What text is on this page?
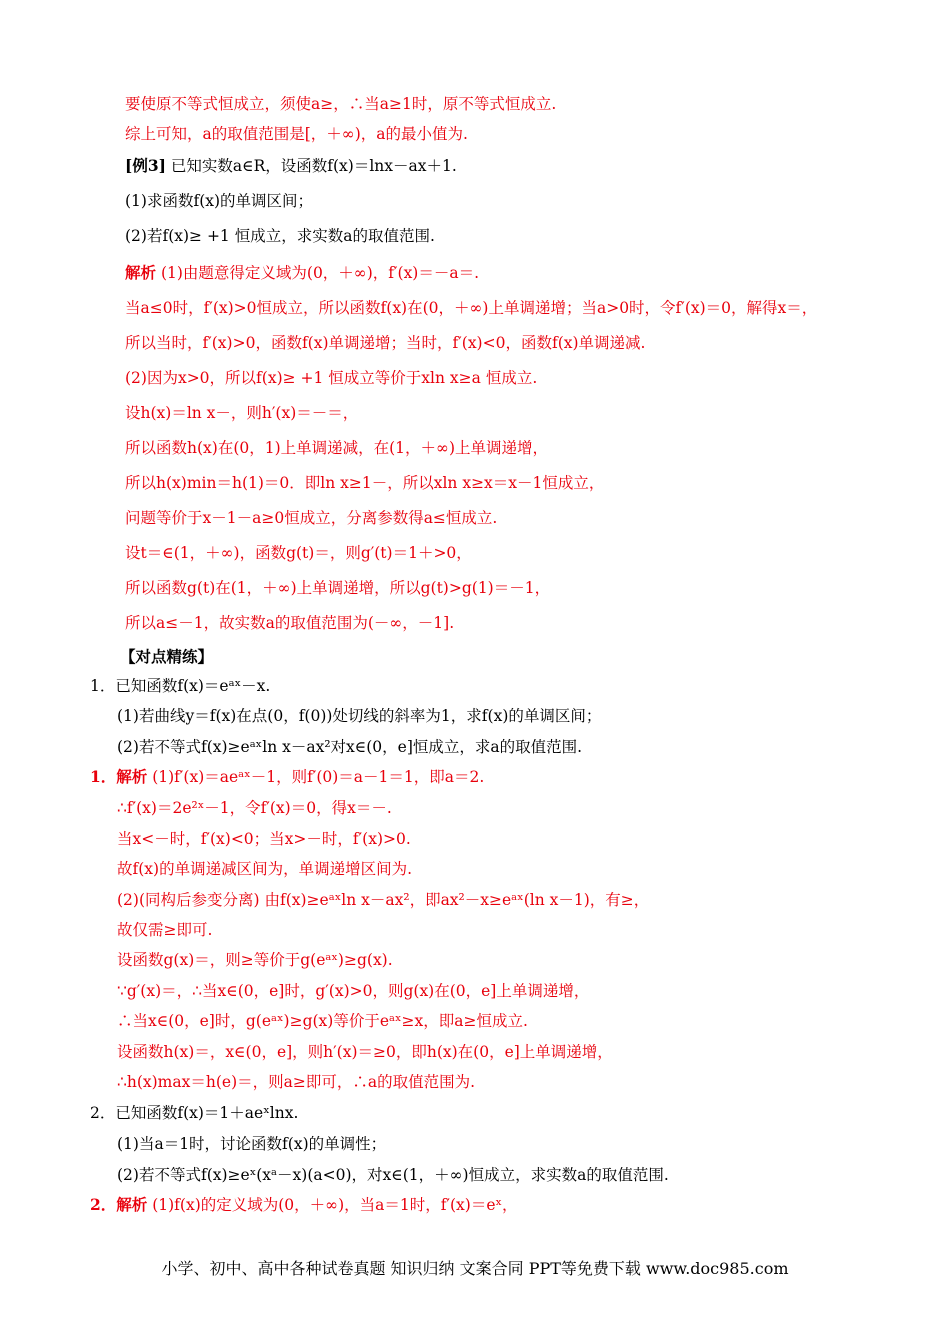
要使原不等式恒成立，须使a≥，∴当a≥1时，原不等式恒成立.
综上可知，a的取值范围是[，＋∞)，a的最小值为.
[例3] 已知实数a∈R，设函数f(x)＝lnx－ax＋1.
(1)求函数f(x)的单调区间；
(2)若f(x)≥ +1 恒成立，求实数a的取值范围.
解析 (1)由题意得定义域为(0，＋∞)，f′(x)＝－a＝.
当a≤0时，f′(x)>0恒成立，所以函数f(x)在(0，＋∞)上单调递增；当a>0时，令f′(x)＝0，解得x＝，
所以当时，f′(x)>0，函数f(x)单调递增；当时，f′(x)<0，函数f(x)单调递减.
(2)因为x>0，所以f(x)≥ +1 恒成立等价于xln x≥a 恒成立.
设h(x)＝ln x－，则h′(x)＝－＝，
所以函数h(x)在(0，1)上单调递减，在(1，＋∞)上单调递增，
所以h(x)min＝h(1)＝0．即ln x≥1－，所以xln x≥x＝x－1恒成立，
问题等价于x－1－a≥0恒成立，分离参数得a≤恒成立.
设t＝∈(1，＋∞)，函数g(t)＝，则g′(t)＝1＋>0，
所以函数g(t)在(1，＋∞)上单调递增，所以g(t)>g(1)＝－1，
所以a≤－1，故实数a的取值范围为(－∞，－1].
【对点精练】
1．已知函数f(x)＝eᵃˣ－x.
(1)若曲线y＝f(x)在点(0，f(0))处切线的斜率为1，求f(x)的单调区间；
(2)若不等式f(x)≥eᵃˣln x－ax²对x∈(0，e]恒成立，求a的取值范围.
1．解析 (1)f′(x)＝aeᵃˣ－1，则f′(0)＝a－1＝1，即a＝2.
∴f′(x)＝2e²ˣ－1，令f′(x)＝0，得x＝－.
当x<－时，f′(x)<0；当x>－时，f′(x)>0.
故f(x)的单调递减区间为，单调递增区间为.
(2)(同构后参变分离) 由f(x)≥eᵃˣln x－ax²，即ax²－x≥eᵃˣ(ln x－1)，有≥，
故仅需≥即可.
设函数g(x)＝，则≥等价于g(eᵃˣ)≥g(x).
∵g′(x)＝，∴当x∈(0，e]时，g′(x)>0，则g(x)在(0，e]上单调递增，
∴当x∈(0，e]时，g(eᵃˣ)≥g(x)等价于eᵃˣ≥x，即a≥恒成立.
设函数h(x)＝，x∈(0，e]，则h′(x)＝≥0，即h(x)在(0，e]上单调递增，
∴h(x)max＝h(e)＝，则a≥即可，∴a的取值范围为.
2．已知函数f(x)＝1＋aeˣlnx.
(1)当a＝1时，讨论函数f(x)的单调性；
(2)若不等式f(x)≥eˣ(xᵃ－x)(a<0)，对x∈(1，＋∞)恒成立，求实数a的取值范围.
2．解析 (1)f(x)的定义域为(0，＋∞)，当a＝1时，f′(x)＝eˣ，
小学、初中、高中各种试卷真题 知识归纳 文案合同 PPT等免费下载 www.doc985.com
